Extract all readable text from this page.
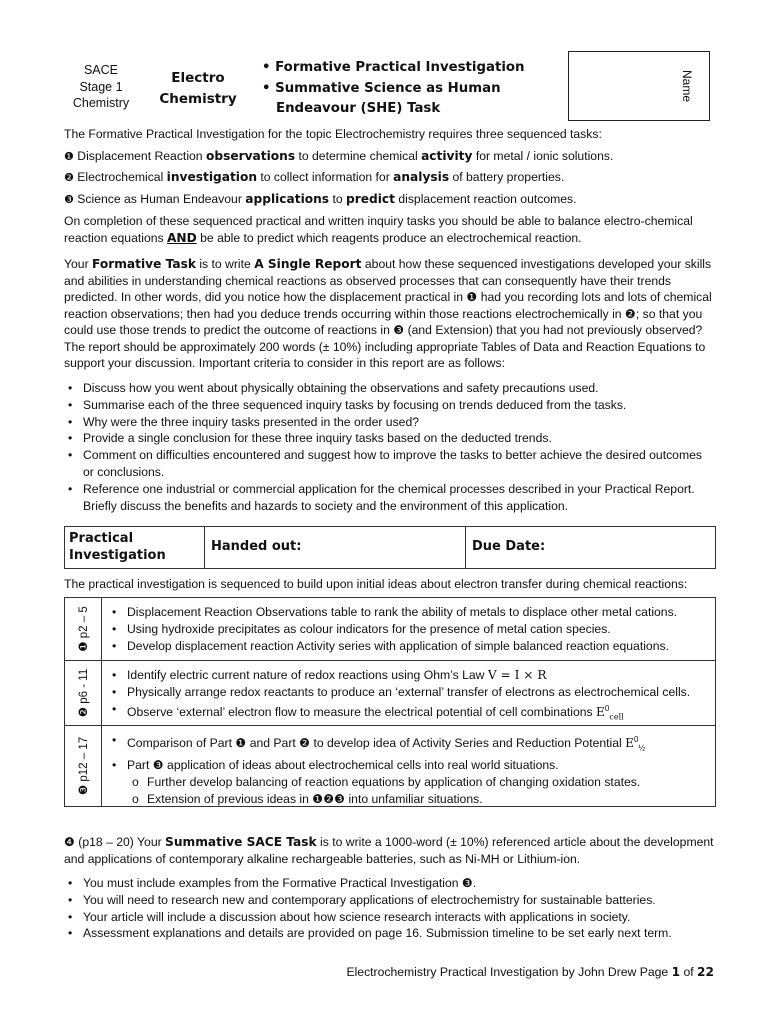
SACE
Stage 1
Chemistry
Electro
Chemistry
• Formative Practical Investigation
• Summative Science as Human Endeavour (SHE) Task
Name
The Formative Practical Investigation for the topic Electrochemistry requires three sequenced tasks:
❶ Displacement Reaction observations to determine chemical activity for metal / ionic solutions.
❷ Electrochemical investigation to collect information for analysis of battery properties.
❸ Science as Human Endeavour applications to predict displacement reaction outcomes.
On completion of these sequenced practical and written inquiry tasks you should be able to balance electro-chemical reaction equations AND be able to predict which reagents produce an electrochemical reaction.
Your Formative Task is to write A Single Report about how these sequenced investigations developed your skills and abilities in understanding chemical reactions as observed processes that can consequently have their trends predicted. In other words, did you notice how the displacement practical in ❶ had you recording lots and lots of chemical reaction observations; then had you deduce trends occurring within those reactions electrochemically in ❷; so that you could use those trends to predict the outcome of reactions in ❸ (and Extension) that you had not previously observed? The report should be approximately 200 words (± 10%) including appropriate Tables of Data and Reaction Equations to support your discussion. Important criteria to consider in this report are as follows:
• Discuss how you went about physically obtaining the observations and safety precautions used.
• Summarise each of the three sequenced inquiry tasks by focusing on trends deduced from the tasks.
• Why were the three inquiry tasks presented in the order used?
• Provide a single conclusion for these three inquiry tasks based on the deducted trends.
• Comment on difficulties encountered and suggest how to improve the tasks to better achieve the desired outcomes or conclusions.
• Reference one industrial or commercial application for the chemical processes described in your Practical Report. Briefly discuss the benefits and hazards to society and the environment of this application.
Practical Investigation
Handed out:	Due Date:
The practical investigation is sequenced to build upon initial ideas about electron transfer during chemical reactions:
❶ p2 – 5	• Displacement Reaction Observations table to rank the ability of metals to displace other metal cations.
• Using hydroxide precipitates as colour indicators for the presence of metal cation species.
• Develop displacement reaction Activity series with application of simple balanced reaction equations.
❷ p6 - 11	• Identify electric current nature of redox reactions using Ohm’s Law V = I × R
• Physically arrange redox reactants to produce an ‘external’ transfer of electrons as electrochemical cells.
• Observe ‘external’ electron flow to measure the electrical potential of cell combinations $E^0_{cell}$
❸ p12 – 17	• Comparison of Part ❶ and Part ❷ to develop idea of Activity Series and Reduction Potential $E^0_{\frac{1}{2}}$
• Part ❸ application of ideas about electrochemical cells into real world situations.
o Further develop balancing of reaction equations by application of changing oxidation states.
o Extension of previous ideas in ❶❷❸ into unfamiliar situations.
❹ (p18 – 20) Your Summative SACE Task is to write a 1000-word (± 10%) referenced article about the development and applications of contemporary alkaline rechargeable batteries, such as Ni-MH or Lithium-ion.
• You must include examples from the Formative Practical Investigation ❸.
• You will need to research new and contemporary applications of electrochemistry for sustainable batteries.
• Your article will include a discussion about how science research interacts with applications in society.
• Assessment explanations and details are provided on page 16. Submission timeline to be set early next term.
Electrochemistry Practical Investigation by John Drew Page 1 of 22
